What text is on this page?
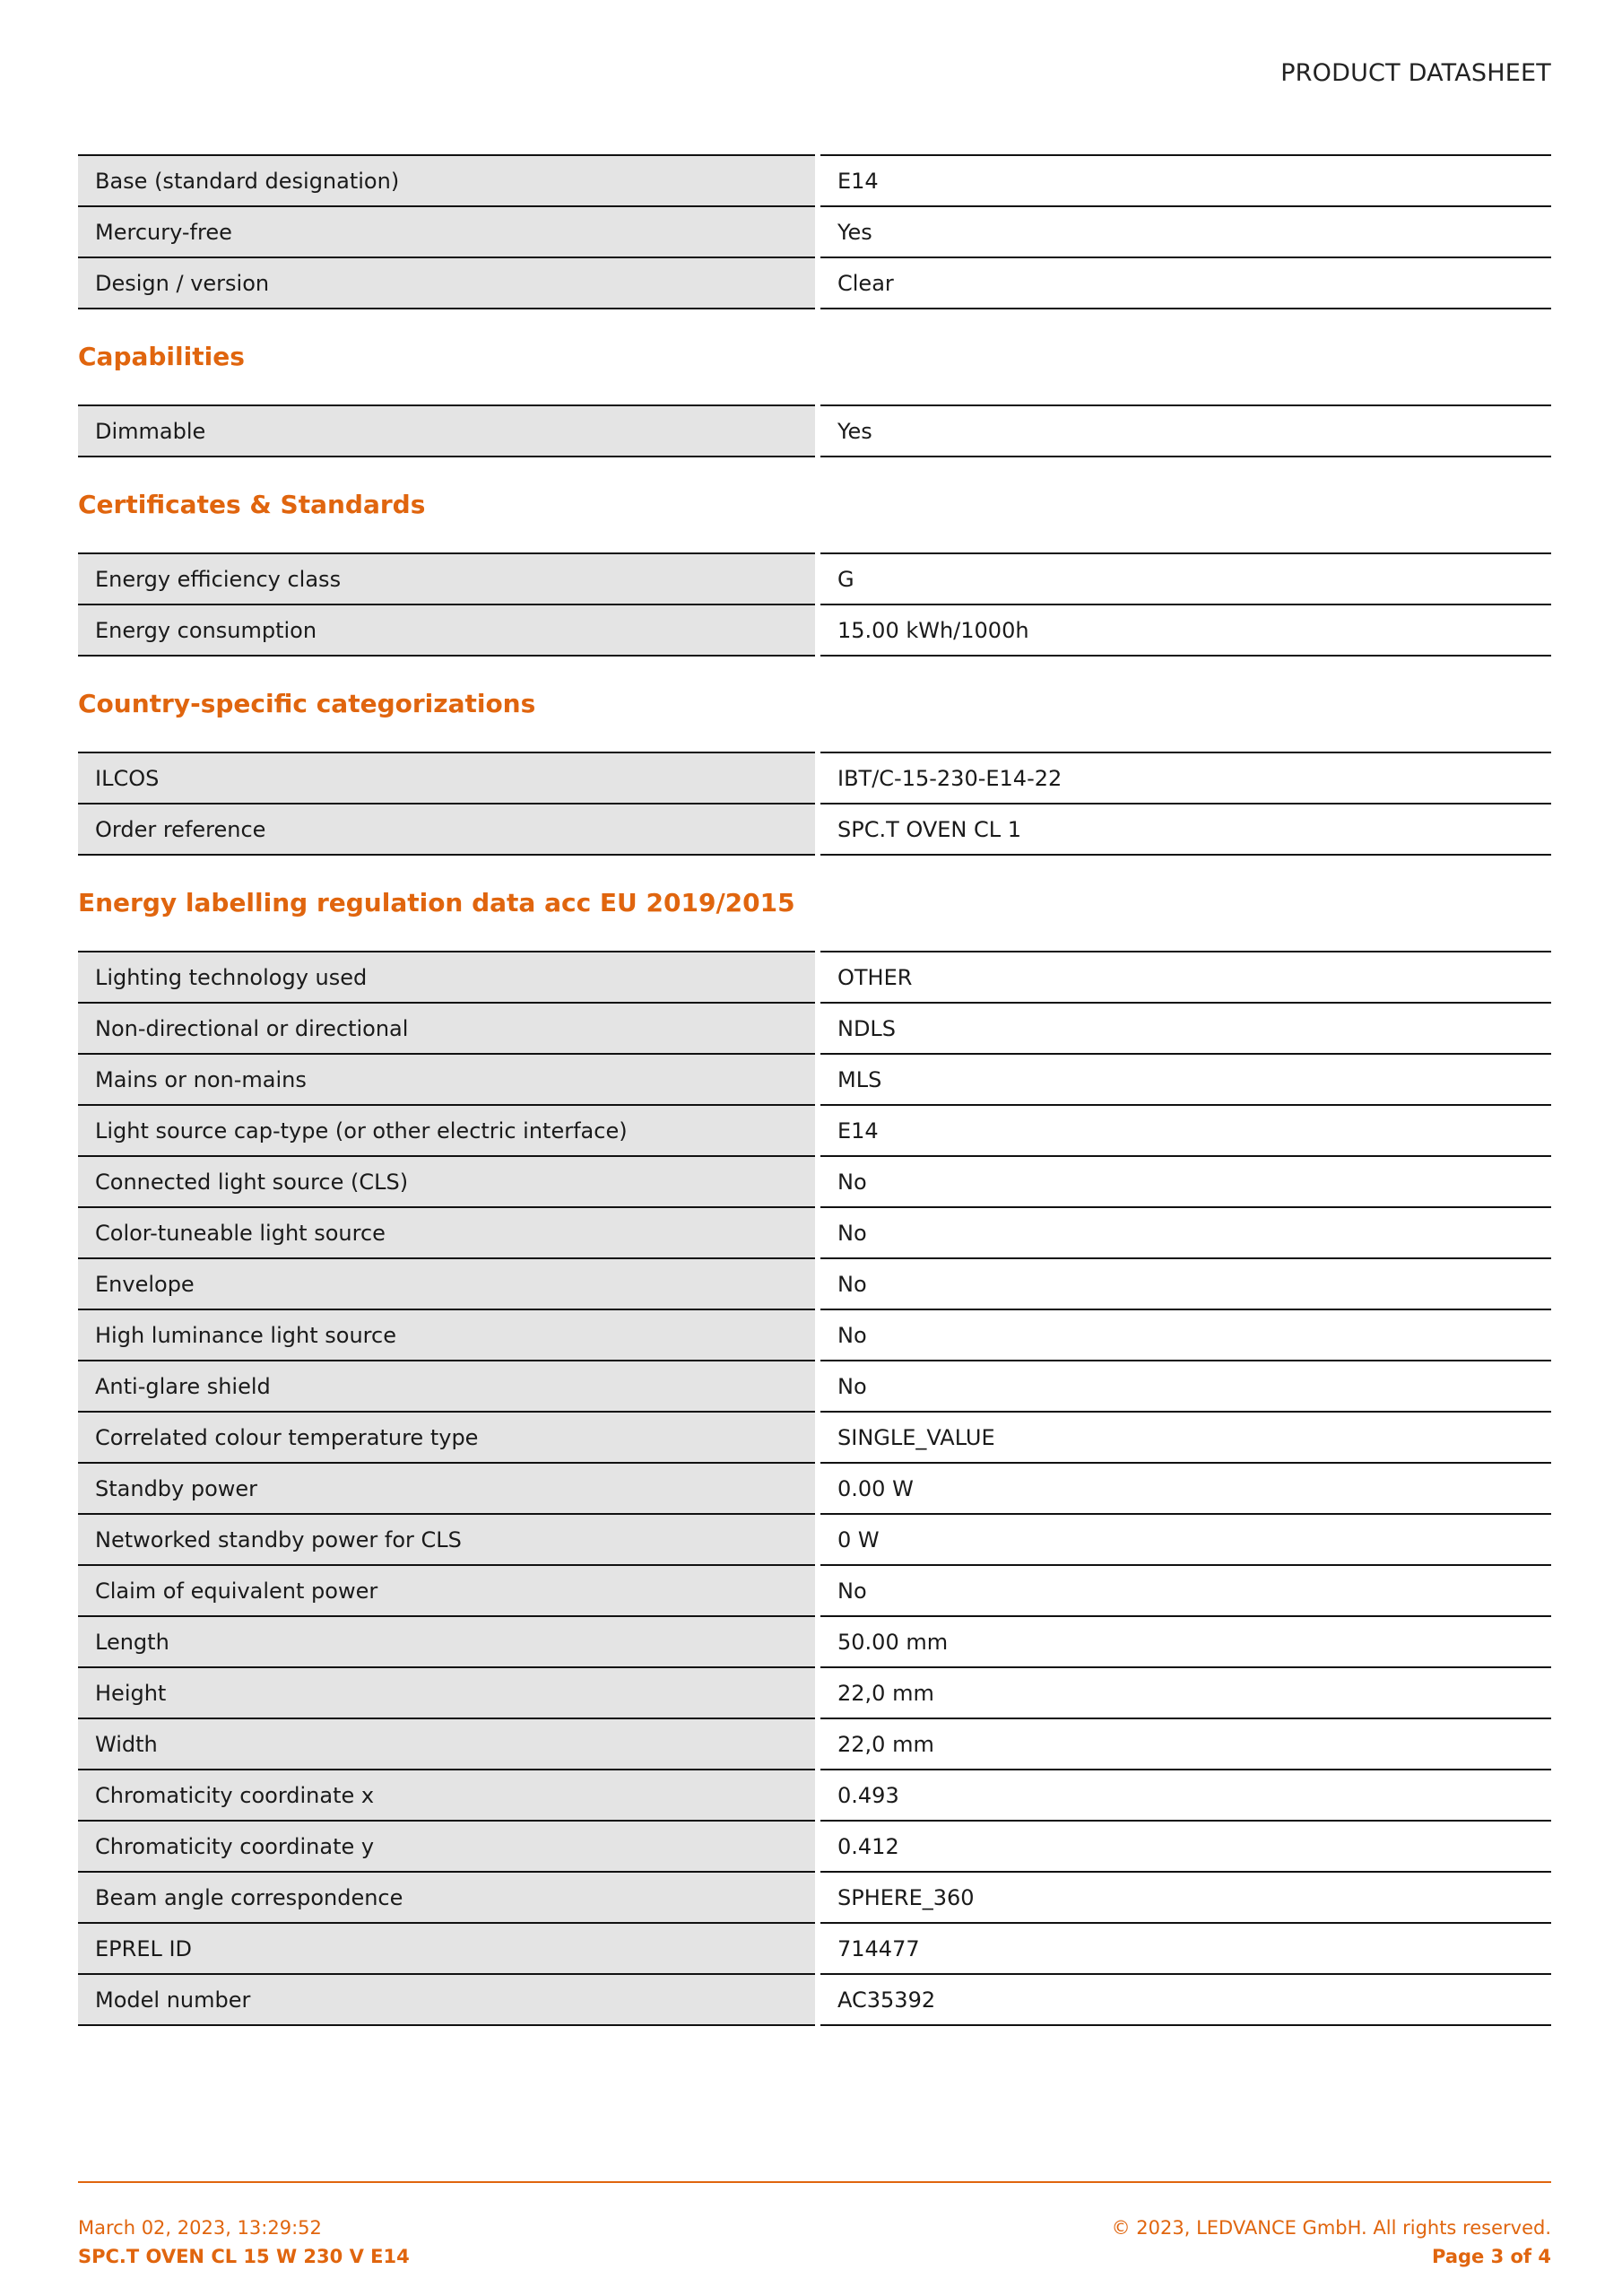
PRODUCT DATASHEET
Base (standard designation)	E14
Mercury-free	Yes
Design / version	Clear
Capabilities
Dimmable	Yes
Certificates & Standards
Energy efficiency class	G
Energy consumption	15.00 kWh/1000h
Country-specific categorizations
ILCOS	IBT/C-15-230-E14-22
Order reference	SPC.T OVEN CL 1
Energy labelling regulation data acc EU 2019/2015
Lighting technology used	OTHER
Non-directional or directional	NDLS
Mains or non-mains	MLS
Light source cap-type (or other electric interface)	E14
Connected light source (CLS)	No
Color-tuneable light source	No
Envelope	No
High luminance light source	No
Anti-glare shield	No
Correlated colour temperature type	SINGLE_VALUE
Standby power	0.00 W
Networked standby power for CLS	0 W
Claim of equivalent power	No
Length	50.00 mm
Height	22,0 mm
Width	22,0 mm
Chromaticity coordinate x	0.493
Chromaticity coordinate y	0.412
Beam angle correspondence	SPHERE_360
EPREL ID	714477
Model number	AC35392
March 02, 2023, 13:29:52	© 2023, LEDVANCE GmbH. All rights reserved.
SPC.T OVEN CL 15 W 230 V E14	Page 3 of 4
